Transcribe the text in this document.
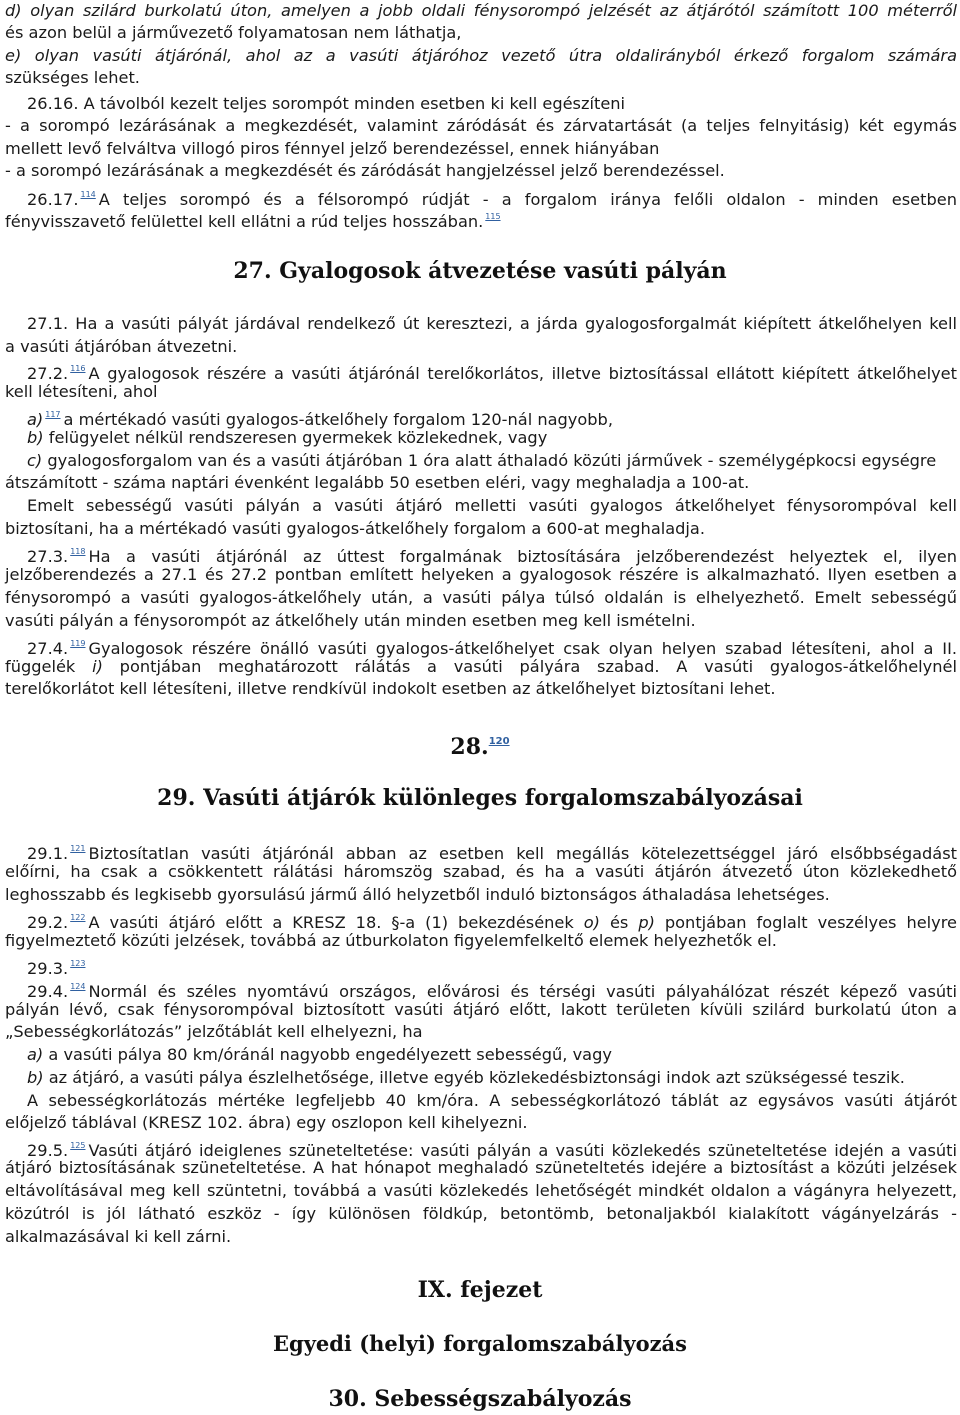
d) olyan szilárd burkolatú úton, amelyen a jobb oldali fénysorompó jelzését az átjárótól számított 100 méterről
és azon belül a járművezető folyamatosan nem láthatja,
e) olyan vasúti átjárónál, ahol az a vasúti átjáróhoz vezető útra oldalirányból érkező forgalom számára
szükséges lehet.
26.16. A távolból kezelt teljes sorompót minden esetben ki kell egészíteni
- a sorompó lezárásának a megkezdését, valamint záródását és zárvatartását (a teljes felnyitásig) két egymás
mellett levő felváltva villogó piros fénnyel jelző berendezéssel, ennek hiányában
- a sorompó lezárásának a megkezdését és záródását hangjelzéssel jelző berendezéssel.
26.17. $^{114}$ A teljes sorompó és a félsorompó rúdját - a forgalom iránya felőli oldalon - minden esetben
fényvisszavető felülettel kell ellátni a rúd teljes hosszában. $^{115}$
27. Gyalogosok átvezetése vasúti pályán
27.1. Ha a vasúti pályát járdával rendelkező út keresztezi, a járda gyalogosforgalmát kiépített átkelőhelyen kell
a vasúti átjáróban átvezetni.
27.2. $^{116}$ A gyalogosok részére a vasúti átjárónál terelőkorlátos, illetve biztosítással ellátott kiépített átkelőhelyet
kell létesíteni, ahol
a) $^{117}$ a mértékadó vasúti gyalogos-átkelőhely forgalom 120-nál nagyobb,
b) felügyelet nélkül rendszeresen gyermekek közlekednek, vagy
c) gyalogosforgalom van és a vasúti átjáróban 1 óra alatt áthaladó közúti járművek - személygépkocsi egységre
átszámított - száma naptári évenként legalább 50 esetben eléri, vagy meghaladja a 100-at.
Emelt sebességű vasúti pályán a vasúti átjáró melletti vasúti gyalogos átkelőhelyet fénysorompóval kell
biztosítani, ha a mértékadó vasúti gyalogos-átkelőhely forgalom a 600-at meghaladja.
27.3. $^{118}$ Ha a vasúti átjárónál az úttest forgalmának biztosítására jelzőberendezést helyeztek el, ilyen
jelzőberendezés a 27.1 és 27.2 pontban említett helyeken a gyalogosok részére is alkalmazható. Ilyen esetben a
fénysorompó a vasúti gyalogos-átkelőhely után, a vasúti pálya túlsó oldalán is elhelyezhető. Emelt sebességű
vasúti pályán a fénysorompót az átkelőhely után minden esetben meg kell ismételni.
27.4. $^{119}$ Gyalogosok részére önálló vasúti gyalogos-átkelőhelyet csak olyan helyen szabad létesíteni, ahol a II.
függelék i) pontjában meghatározott rálátás a vasúti pályára szabad. A vasúti gyalogos-átkelőhelynél
terelőkorlátot kell létesíteni, illetve rendkívül indokolt esetben az átkelőhelyet biztosítani lehet.
28.$^{120}$
29. Vasúti átjárók különleges forgalomszabályozásai
29.1. $^{121}$ Biztosítatlan vasúti átjárónál abban az esetben kell megállás kötelezettséggel járó elsőbbségadást
előírni, ha csak a csökkentett rálátási háromszög szabad, és ha a vasúti átjárón átvezető úton közlekedhető
leghosszabb és legkisebb gyorsulású jármű álló helyzetből induló biztonságos áthaladása lehetséges.
29.2. $^{122}$ A vasúti átjáró előtt a KRESZ 18. §-a (1) bekezdésének o) és p) pontjában foglalt veszélyes helyre
figyelmeztető közúti jelzések, továbbá az útburkolaton figyelemfelkeltő elemek helyezhetők el.
29.3. $^{123}$
29.4. $^{124}$ Normál és széles nyomtávú országos, elővárosi és térségi vasúti pályahálózat részét képező vasúti
pályán lévő, csak fénysorompóval biztosított vasúti átjáró előtt, lakott területen kívüli szilárd burkolatú úton a
„Sebességkorlátozás” jelzőtáblát kell elhelyezni, ha
a) a vasúti pálya 80 km/óránál nagyobb engedélyezett sebességű, vagy
b) az átjáró, a vasúti pálya észlelhetősége, illetve egyéb közlekedésbiztonsági indok azt szükségessé teszik.
A sebességkorlátozás mértéke legfeljebb 40 km/óra. A sebességkorlátozó táblát az egysávos vasúti átjárót
előjelző táblával (KRESZ 102. ábra) egy oszlopon kell kihelyezni.
29.5. $^{125}$ Vasúti átjáró ideiglenes szüneteltetése: vasúti pályán a vasúti közlekedés szüneteltetése idején a vasúti
átjáró biztosításának szüneteltetése. A hat hónapot meghaladó szüneteltetés idejére a biztosítást a közúti jelzések
eltávolításával meg kell szüntetni, továbbá a vasúti közlekedés lehetőségét mindkét oldalon a vágányra helyezett,
közútról is jól látható eszköz - így különösen földkúp, betontömb, betonaljakból kialakított vágányelzárás -
alkalmazásával ki kell zárni.
IX. fejezet
Egyedi (helyi) forgalomszabályozás
30. Sebességszabályozás
